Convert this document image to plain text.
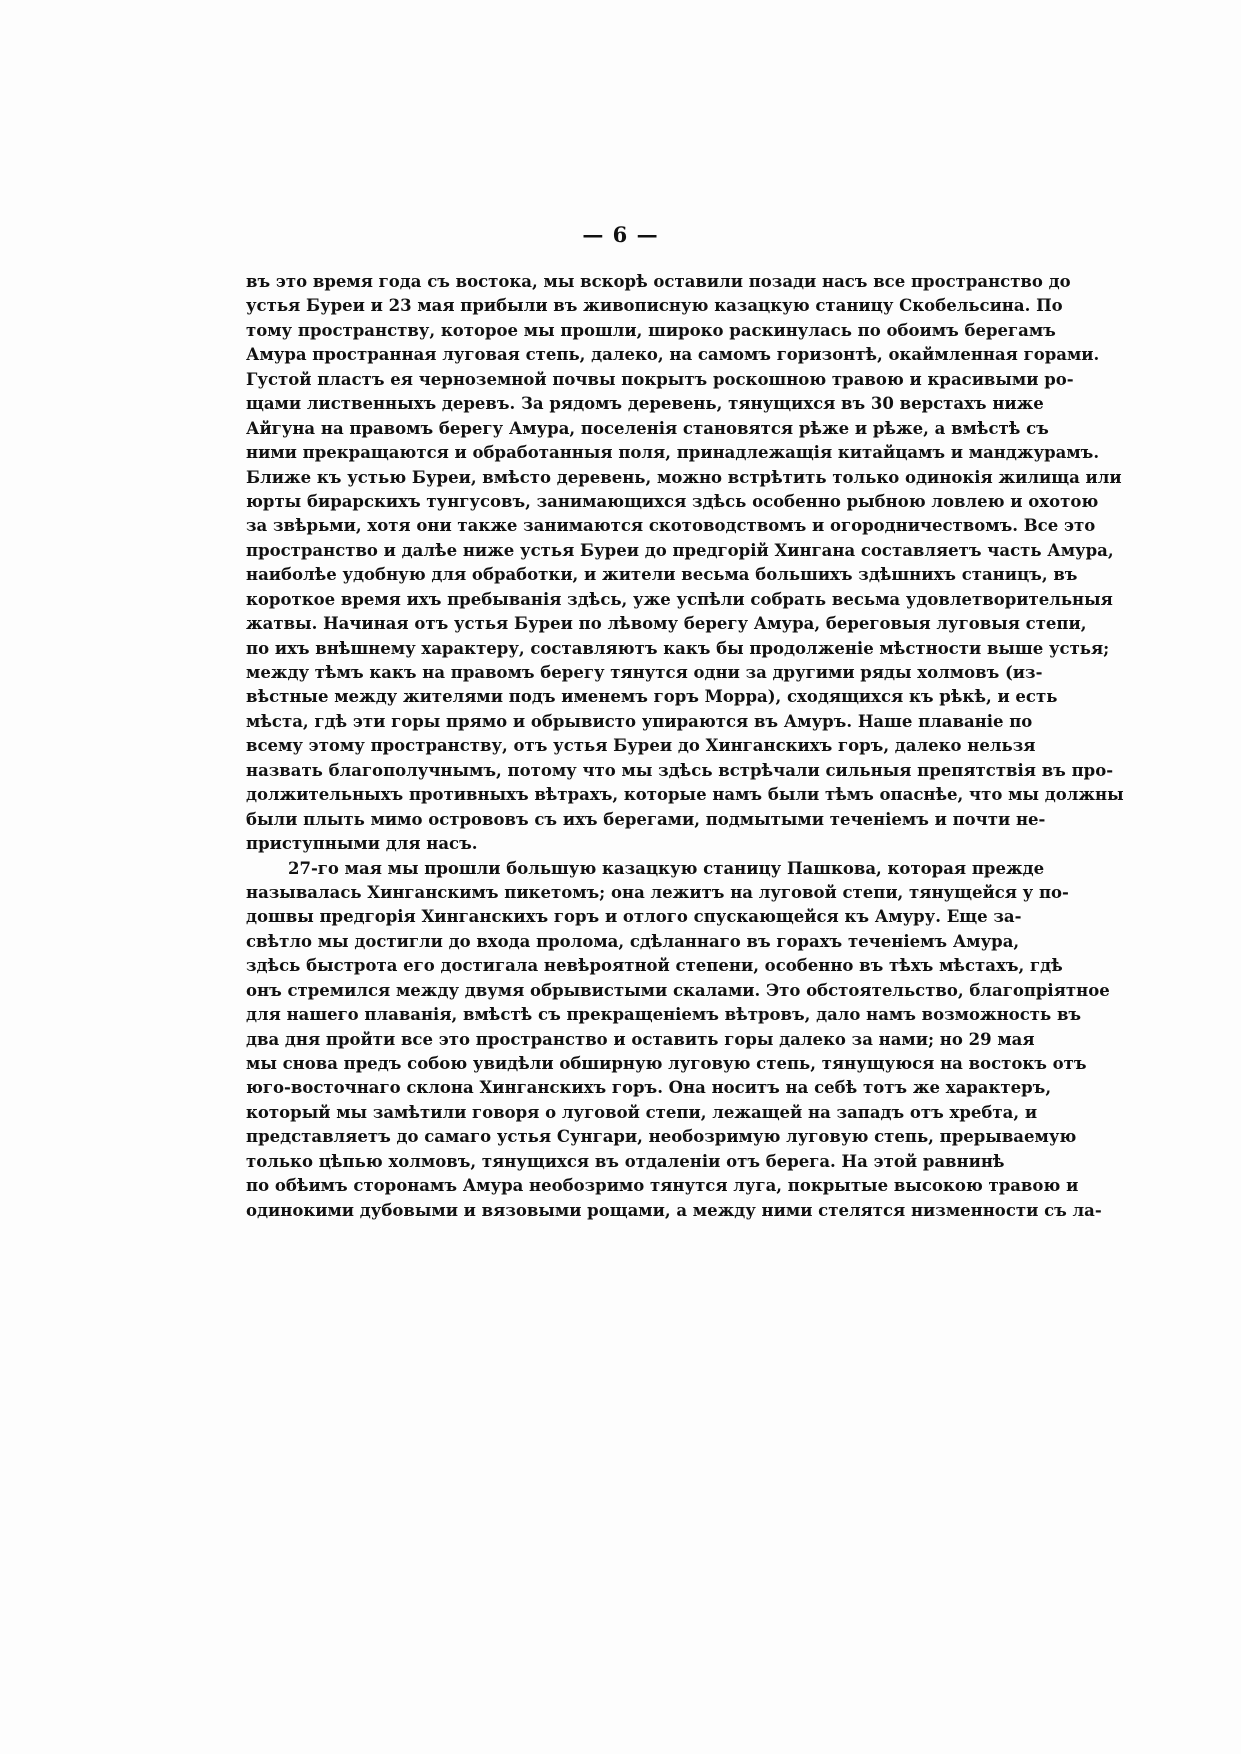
— 6 —
въ это время года съ востока, мы вскорѣ оставили позади насъ все пространство до
устья Буреи и 23 мая прибыли въ живописную казацкую станицу Скобельсина. По
тому пространству, которое мы прошли, широко раскинулась по обоимъ берегамъ
Амура пространная луговая степь, далеко, на самомъ горизонтѣ, окаймленная горами.
Густой пластъ ея черноземной почвы покрытъ роскошною травою и красивыми ро-
щами лиственныхъ деревъ. За рядомъ деревень, тянущихся въ 30 верстахъ ниже
Айгуна на правомъ берегу Амура, поселенія становятся рѣже и рѣже, а вмѣстѣ съ
ними прекращаются и обработанныя поля, принадлежащія китайцамъ и манджурамъ.
Ближе къ устью Буреи, вмѣсто деревень, можно встрѣтить только одинокія жилища или
юрты бирарскихъ тунгусовъ, занимающихся здѣсь особенно рыбною ловлею и охотою
за звѣрьми, хотя они также занимаются скотоводствомъ и огородничествомъ. Все это
пространство и далѣе ниже устья Буреи до предгорій Хингана составляетъ часть Амура,
наиболѣе удобную для обработки, и жители весьма большихъ здѣшнихъ станицъ, въ
короткое время ихъ пребыванія здѣсь, уже успѣли собрать весьма удовлетворительныя
жатвы. Начиная отъ устья Буреи по лѣвому берегу Амура, береговыя луговыя степи,
по ихъ внѣшнему характеру, составляютъ какъ бы продолженіе мѣстности выше устья;
между тѣмъ какъ на правомъ берегу тянутся одни за другими ряды холмовъ (из-
вѣстные между жителями подъ именемъ горъ Морра), сходящихся къ рѣкѣ, и есть
мѣста, гдѣ эти горы прямо и обрывисто упираются въ Амуръ. Наше плаваніе по
всему этому пространству, отъ устья Буреи до Хинганскихъ горъ, далеко нельзя
назвать благополучнымъ, потому что мы здѣсь встрѣчали сильныя препятствія въ про-
должительныхъ противныхъ вѣтрахъ, которые намъ были тѣмъ опаснѣе, что мы должны
были плыть мимо острововъ съ ихъ берегами, подмытыми теченіемъ и почти не-
приступными для насъ.
27-го мая мы прошли большую казацкую станицу Пашкова, которая прежде
называлась Хинганскимъ пикетомъ; она лежитъ на луговой степи, тянущейся у по-
дошвы предгорія Хинганскихъ горъ и отлого спускающейся къ Амуру. Еще за-
свѣтло мы достигли до входа пролома, сдѣланнаго въ горахъ теченіемъ Амура,
здѣсь быстрота его достигала невѣроятной степени, особенно въ тѣхъ мѣстахъ, гдѣ
онъ стремился между двумя обрывистыми скалами. Это обстоятельство, благопріятное
для нашего плаванія, вмѣстѣ съ прекращеніемъ вѣтровъ, дало намъ возможность въ
два дня пройти все это пространство и оставить горы далеко за нами; но 29 мая
мы снова предъ собою увидѣли обширную луговую степь, тянущуюся на востокъ отъ
юго-восточнаго склона Хинганскихъ горъ. Она носитъ на себѣ тотъ же характеръ,
который мы замѣтили говоря о луговой степи, лежащей на западъ отъ хребта, и
представляетъ до самаго устья Сунгари, необозримую луговую степь, прерываемую
только цѣпью холмовъ, тянущихся въ отдаленіи отъ берега. На этой равнинѣ
по обѣимъ сторонамъ Амура необозримо тянутся луга, покрытые высокою травою и
одинокими дубовыми и вязовыми рощами, а между ними стелятся низменности съ ла-
